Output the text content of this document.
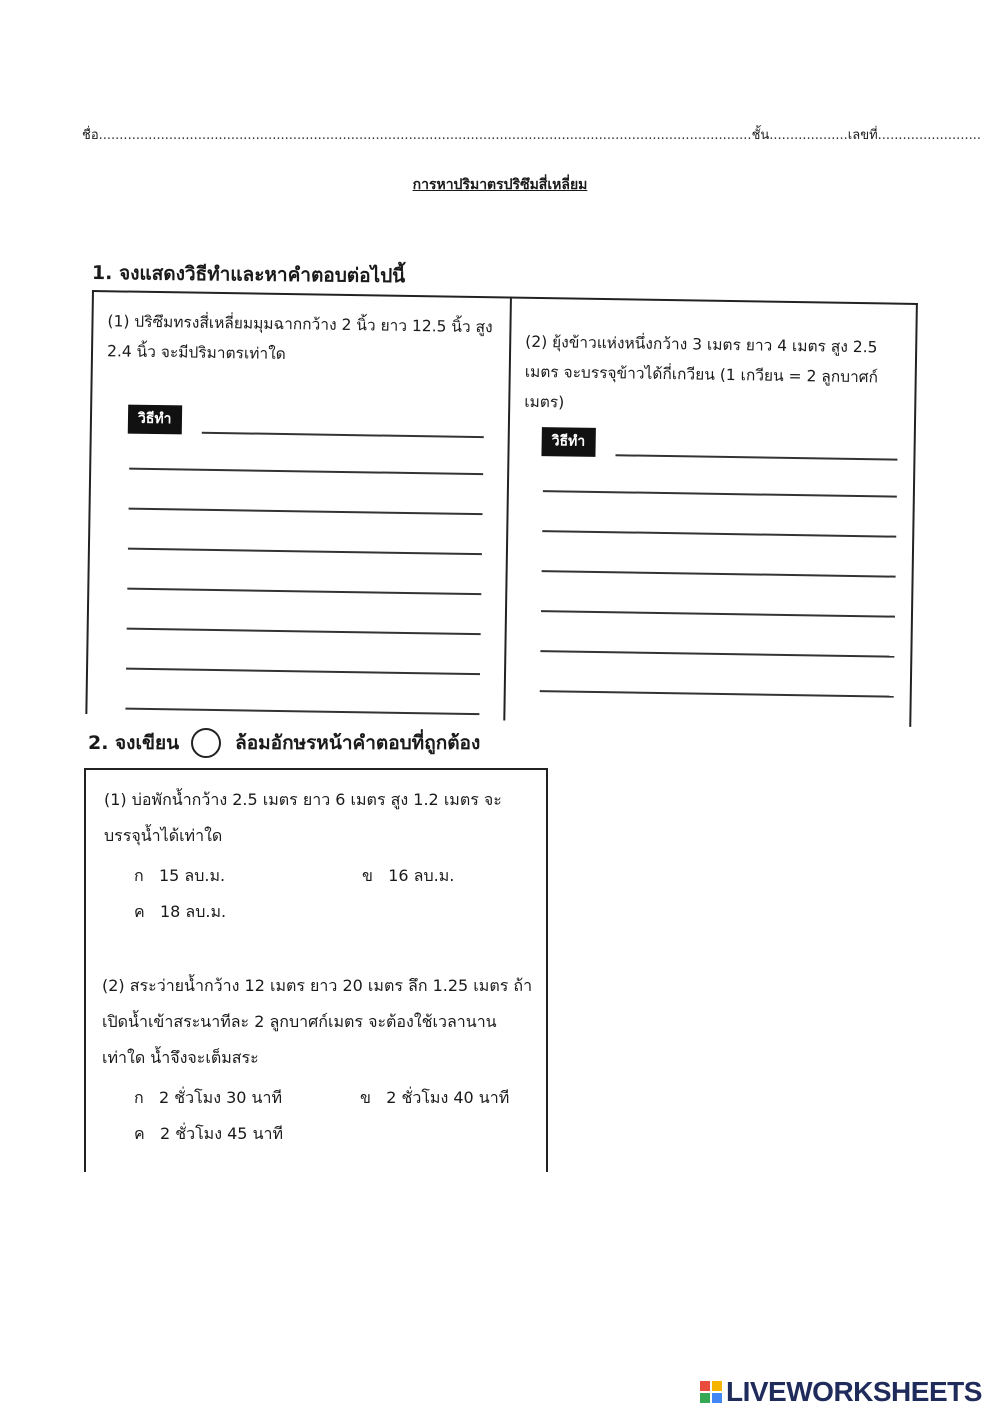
ชื่อ..............................................................................................................................................................ชั้น...................เลขที่.........................
การหาปริมาตรปริซึมสี่เหลี่ยม
1. จงแสดงวิธีทำและหาคำตอบต่อไปนี้
(1) ปริซึมทรงสี่เหลี่ยมมุมฉากกว้าง 2 นิ้ว ยาว 12.5 นิ้ว สูง 2.4 นิ้ว จะมีปริมาตรเท่าใด
วิธีทำ
(2) ยุ้งข้าวแห่งหนึ่งกว้าง 3 เมตร ยาว 4 เมตร สูง 2.5 เมตร จะบรรจุข้าวได้กี่เกวียน (1 เกวียน = 2 ลูกบาศก์เมตร)
วิธีทำ
2. จงเขียน	ล้อมอักษรหน้าคำตอบที่ถูกต้อง
(1) บ่อพักน้ำกว้าง 2.5 เมตร ยาว 6 เมตร สูง 1.2 เมตร จะบรรจุน้ำได้เท่าใด
ก 15 ลบ.ม.	ข 16 ลบ.ม.
ค 18 ลบ.ม.
(2) สระว่ายน้ำกว้าง 12 เมตร ยาว 20 เมตร ลึก 1.25 เมตร ถ้าเปิดน้ำเข้าสระนาทีละ 2 ลูกบาศก์เมตร จะต้องใช้เวลานานเท่าใด น้ำจึงจะเต็มสระ
ก 2 ชั่วโมง 30 นาที	ข 2 ชั่วโมง 40 นาที
ค 2 ชั่วโมง 45 นาที
LIVEWORKSHEETS
